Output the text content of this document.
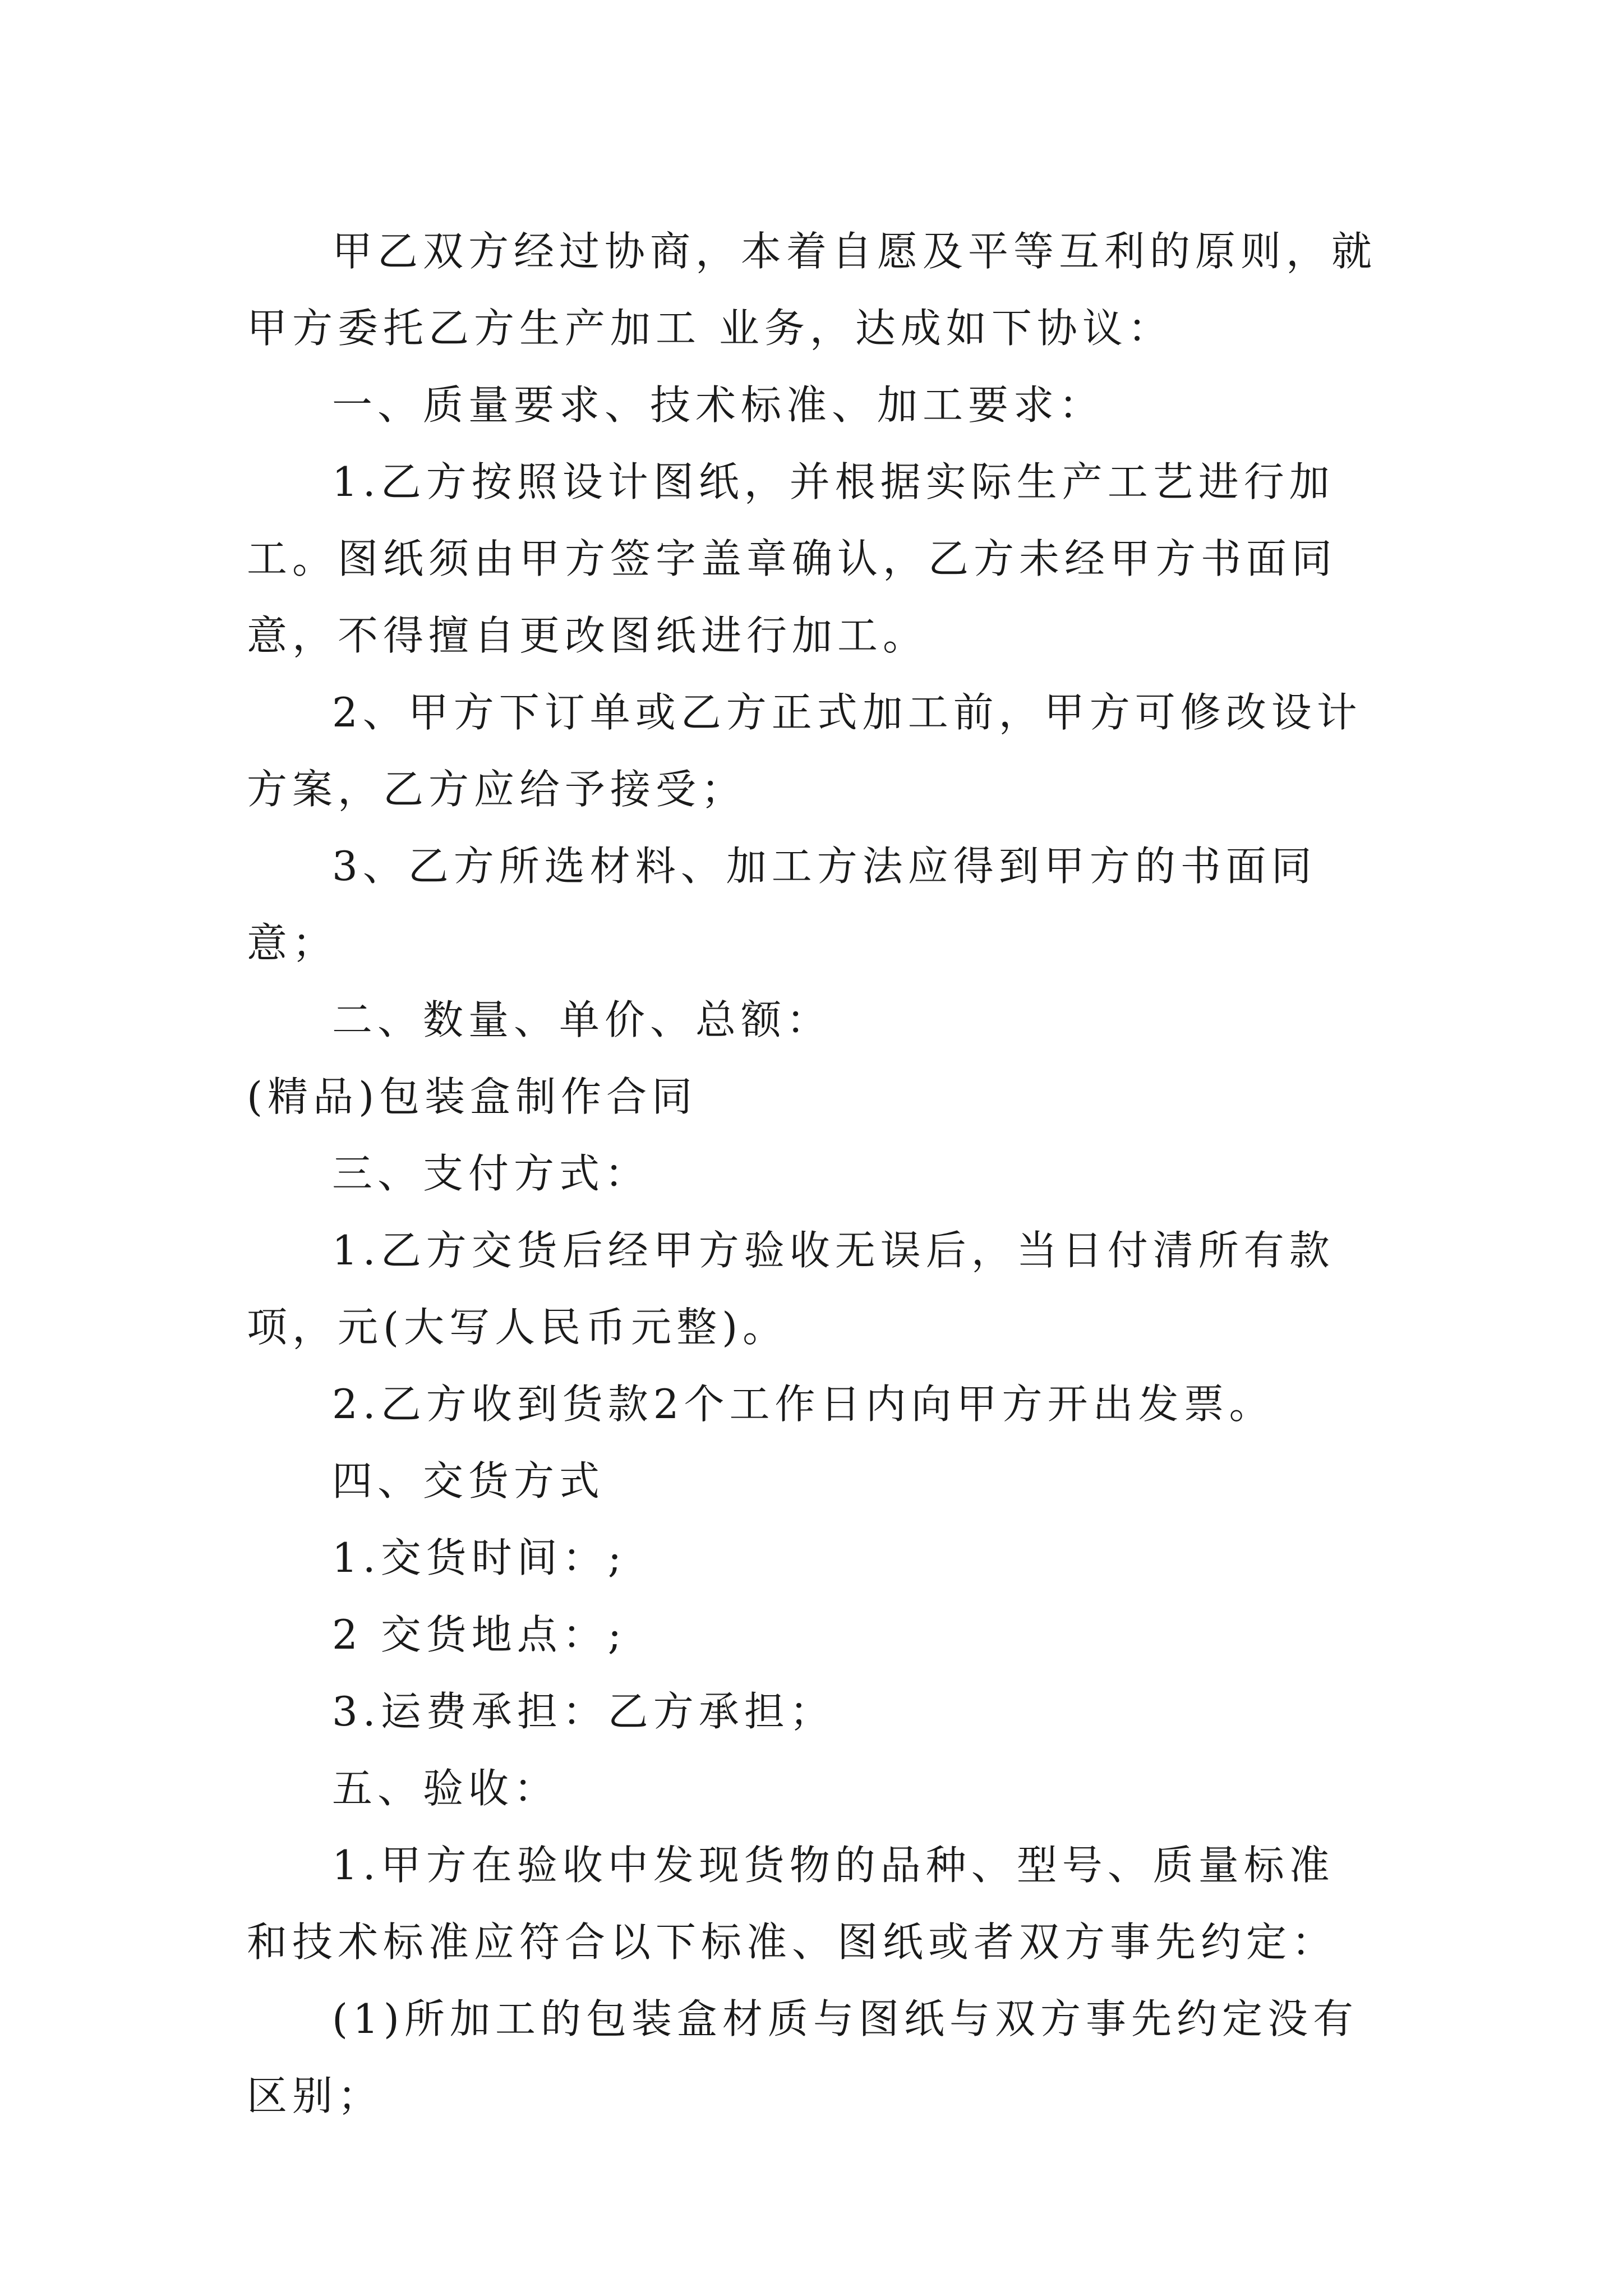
甲乙双方经过协商，本着自愿及平等互利的原则，就甲方委托乙方生产加工 业务，达成如下协议：

一、质量要求、技术标准、加工要求：

1.乙方按照设计图纸，并根据实际生产工艺进行加工。图纸须由甲方签字盖章确认，乙方未经甲方书面同意，不得擅自更改图纸进行加工。

2、甲方下订单或乙方正式加工前，甲方可修改设计方案，乙方应给予接受；

3、乙方所选材料、加工方法应得到甲方的书面同意；

二、数量、单价、总额：

(精品)包装盒制作合同

三、支付方式：

1.乙方交货后经甲方验收无误后，当日付清所有款项，元(大写人民币元整)。

2.乙方收到货款2个工作日内向甲方开出发票。

四、交货方式

1.交货时间：;

2 交货地点：;

3.运费承担：乙方承担；

五、验收：

1.甲方在验收中发现货物的品种、型号、质量标准和技术标准应符合以下标准、图纸或者双方事先约定：

(1)所加工的包装盒材质与图纸与双方事先约定没有区别；
